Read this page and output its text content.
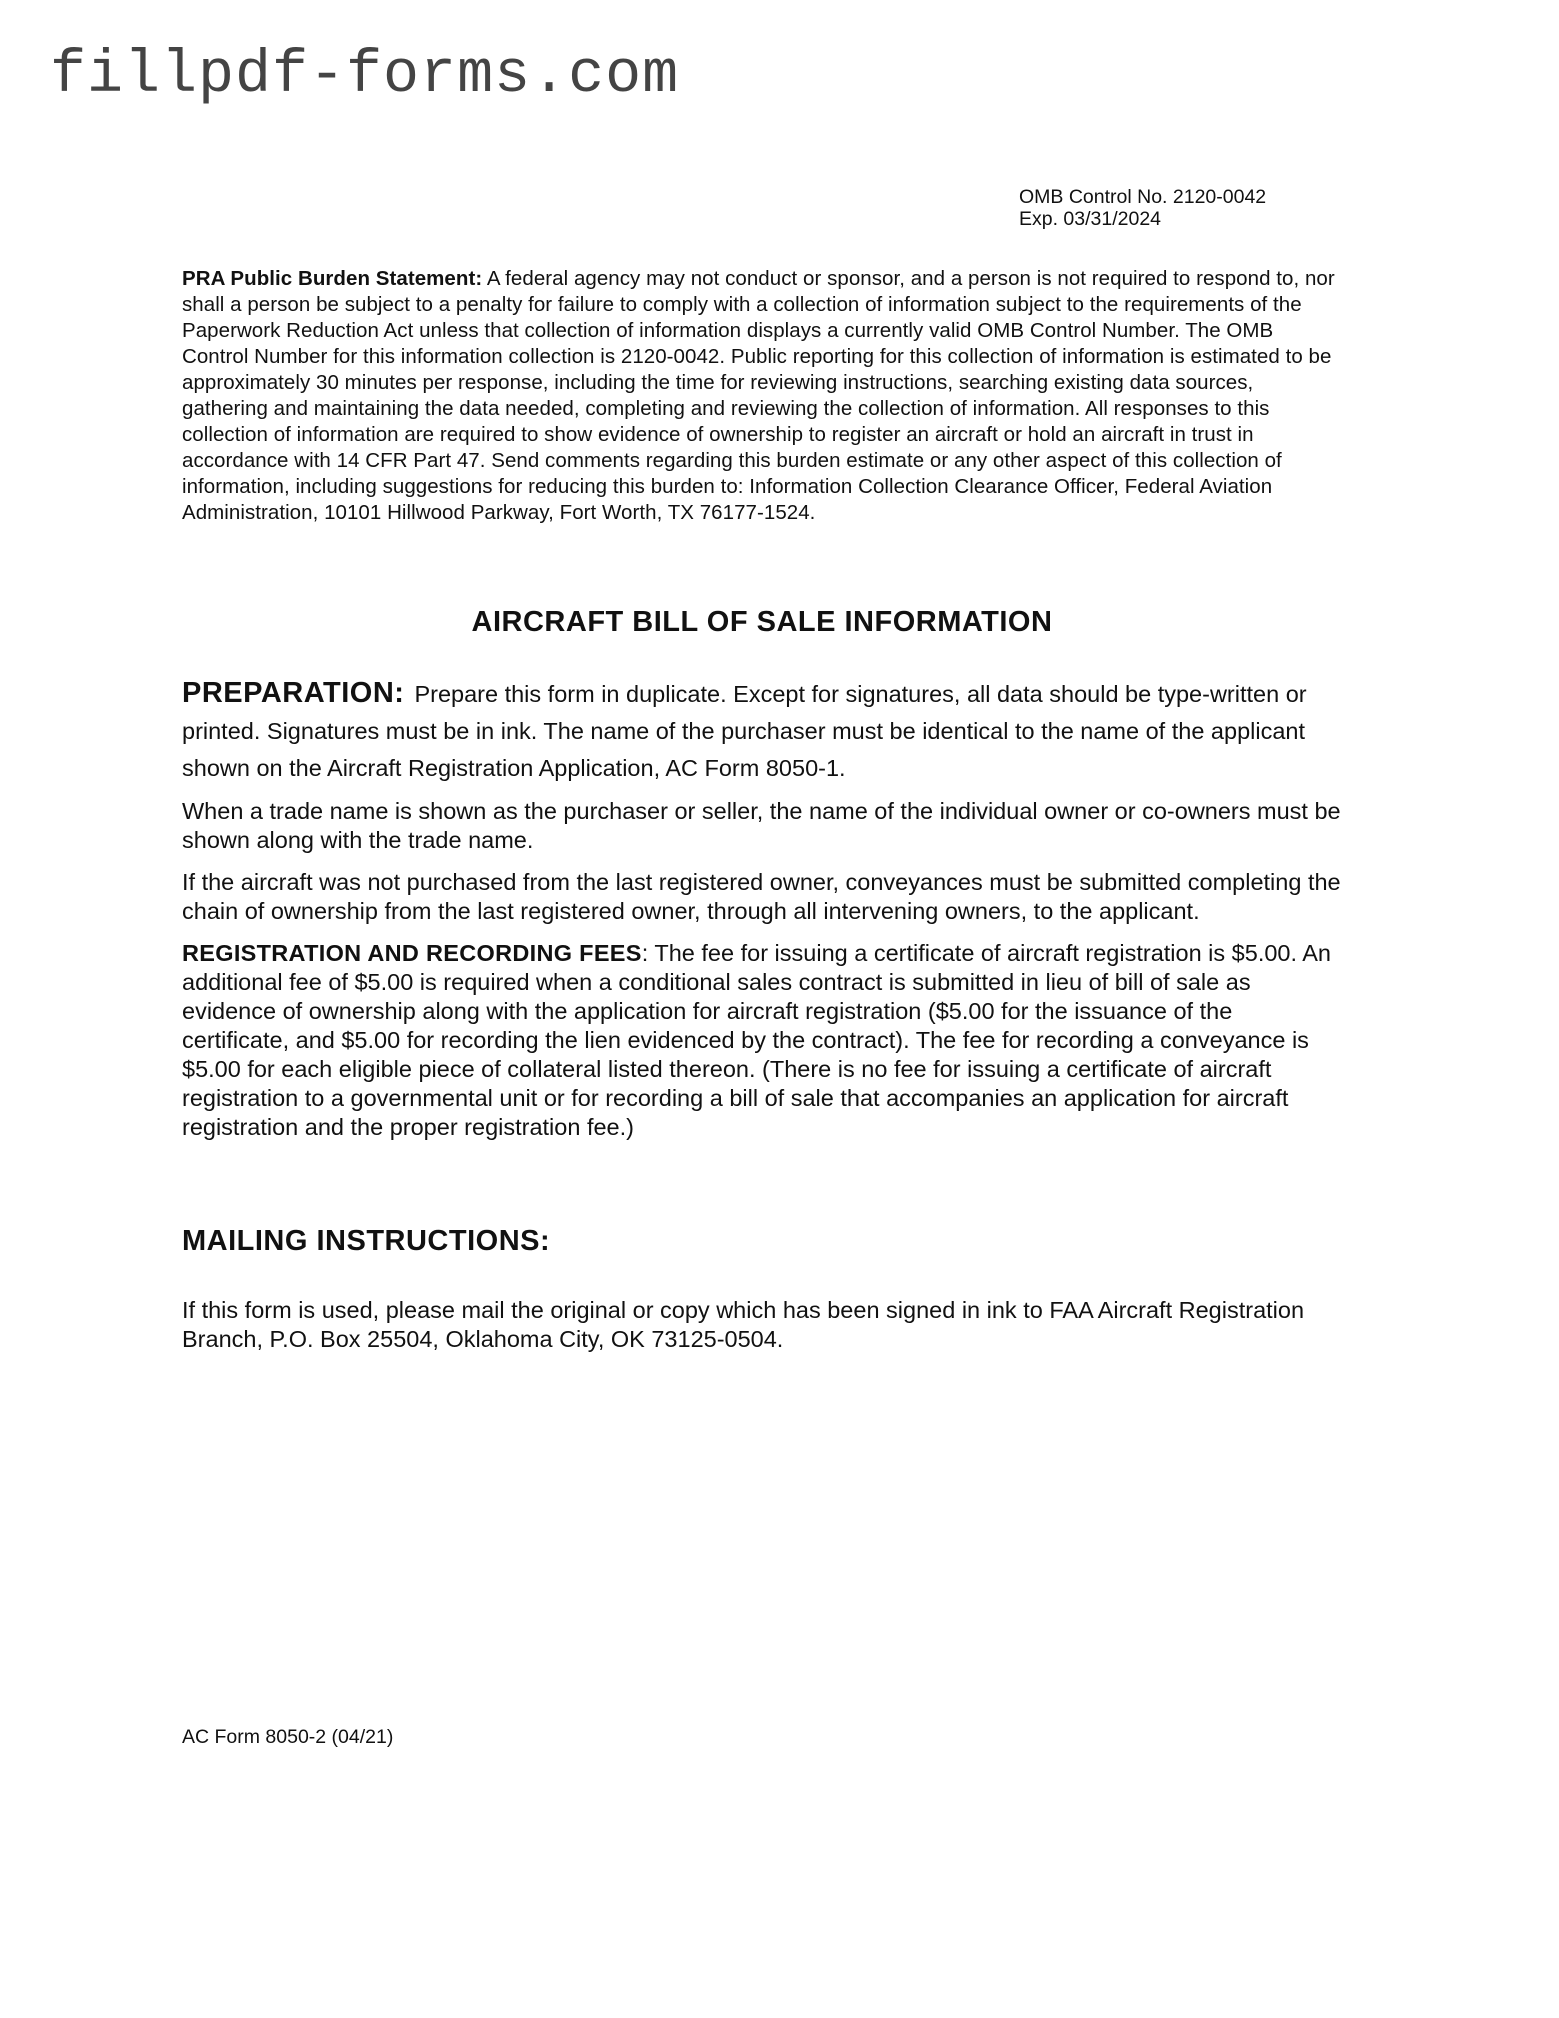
fillpdf-forms.com
OMB Control No. 2120-0042
Exp. 03/31/2024

PRA Public Burden Statement: A federal agency may not conduct or sponsor, and a person is not required to respond to, nor shall a person be subject to a penalty for failure to comply with a collection of information subject to the requirements of the Paperwork Reduction Act unless that collection of information displays a currently valid OMB Control Number. The OMB Control Number for this information collection is 2120-0042. Public reporting for this collection of information is estimated to be approximately 30 minutes per response, including the time for reviewing instructions, searching existing data sources, gathering and maintaining the data needed, completing and reviewing the collection of information. All responses to this collection of information are required to show evidence of ownership to register an aircraft or hold an aircraft in trust in accordance with 14 CFR Part 47. Send comments regarding this burden estimate or any other aspect of this collection of information, including suggestions for reducing this burden to: Information Collection Clearance Officer, Federal Aviation Administration, 10101 Hillwood Parkway, Fort Worth, TX 76177-1524.

AIRCRAFT BILL OF SALE INFORMATION

PREPARATION: Prepare this form in duplicate. Except for signatures, all data should be type-written or printed. Signatures must be in ink. The name of the purchaser must be identical to the name of the applicant shown on the Aircraft Registration Application, AC Form 8050-1.

When a trade name is shown as the purchaser or seller, the name of the individual owner or co-owners must be shown along with the trade name.

If the aircraft was not purchased from the last registered owner, conveyances must be submitted completing the chain of ownership from the last registered owner, through all intervening owners, to the applicant.

REGISTRATION AND RECORDING FEES: The fee for issuing a certificate of aircraft registration is $5.00. An additional fee of $5.00 is required when a conditional sales contract is submitted in lieu of bill of sale as evidence of ownership along with the application for aircraft registration ($5.00 for the issuance of the certificate, and $5.00 for recording the lien evidenced by the contract). The fee for recording a conveyance is $5.00 for each eligible piece of collateral listed thereon. (There is no fee for issuing a certificate of aircraft registration to a governmental unit or for recording a bill of sale that accompanies an application for aircraft registration and the proper registration fee.)

MAILING INSTRUCTIONS:

If this form is used, please mail the original or copy which has been signed in ink to FAA Aircraft Registration Branch, P.O. Box 25504, Oklahoma City, OK 73125-0504.

AC Form 8050-2 (04/21)
